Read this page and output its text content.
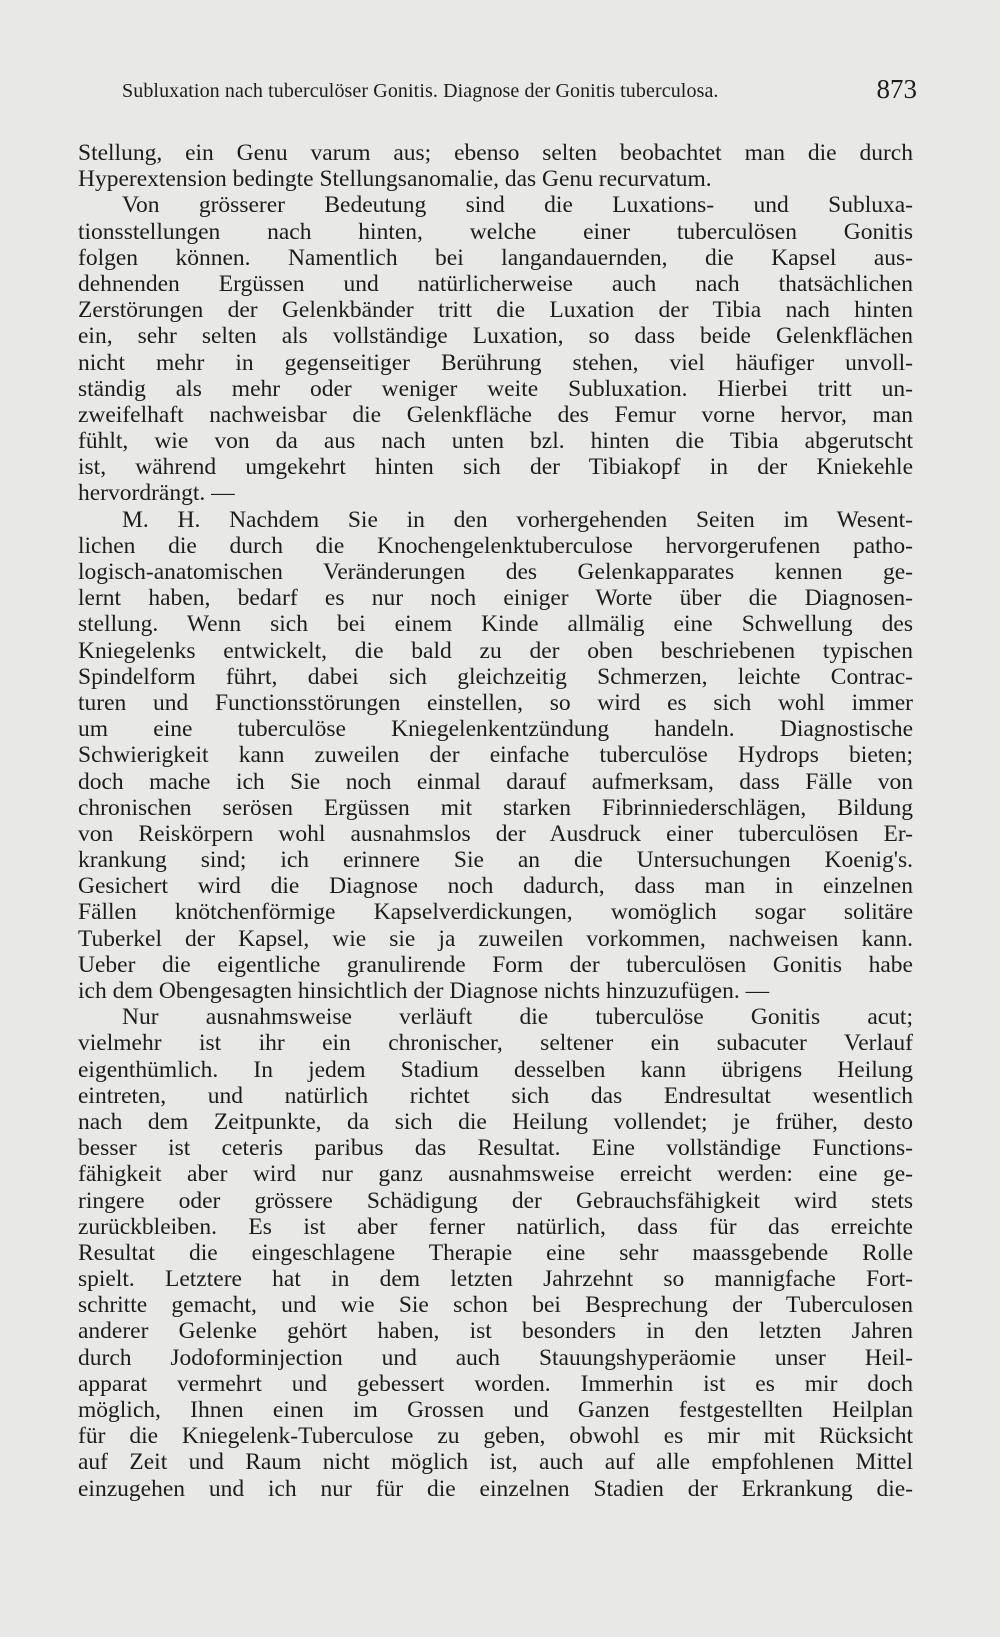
Subluxation nach tuberculöser Gonitis. Diagnose der Gonitis tuberculosa.	873
Stellung, ein Genu varum aus; ebenso selten beobachtet man die durch
Hyperextension bedingte Stellungsanomalie, das Genu recurvatum.
Von grösserer Bedeutung sind die Luxations- und Subluxa-
tionsstellungen nach hinten, welche einer tuberculösen Gonitis
folgen können. Namentlich bei langandauernden, die Kapsel aus-
dehnenden Ergüssen und natürlicherweise auch nach thatsächlichen
Zerstörungen der Gelenkbänder tritt die Luxation der Tibia nach hinten
ein, sehr selten als vollständige Luxation, so dass beide Gelenkflächen
nicht mehr in gegenseitiger Berührung stehen, viel häufiger unvoll-
ständig als mehr oder weniger weite Subluxation. Hierbei tritt un-
zweifelhaft nachweisbar die Gelenkfläche des Femur vorne hervor, man
fühlt, wie von da aus nach unten bzl. hinten die Tibia abgerutscht
ist, während umgekehrt hinten sich der Tibiakopf in der Kniekehle
hervordrängt. —
M. H. Nachdem Sie in den vorhergehenden Seiten im Wesent-
lichen die durch die Knochengelenktuberculose hervorgerufenen patho-
logisch-anatomischen Veränderungen des Gelenkapparates kennen ge-
lernt haben, bedarf es nur noch einiger Worte über die Diagnosen-
stellung. Wenn sich bei einem Kinde allmälig eine Schwellung des
Kniegelenks entwickelt, die bald zu der oben beschriebenen typischen
Spindelform führt, dabei sich gleichzeitig Schmerzen, leichte Contrac-
turen und Functionsstörungen einstellen, so wird es sich wohl immer
um eine tuberculöse Kniegelenkentzündung handeln. Diagnostische
Schwierigkeit kann zuweilen der einfache tuberculöse Hydrops bieten;
doch mache ich Sie noch einmal darauf aufmerksam, dass Fälle von
chronischen serösen Ergüssen mit starken Fibrinniederschlägen, Bildung
von Reiskörpern wohl ausnahmslos der Ausdruck einer tuberculösen Er-
krankung sind; ich erinnere Sie an die Untersuchungen Koenig's.
Gesichert wird die Diagnose noch dadurch, dass man in einzelnen
Fällen knötchenförmige Kapselverdickungen, womöglich sogar solitäre
Tuberkel der Kapsel, wie sie ja zuweilen vorkommen, nachweisen kann.
Ueber die eigentliche granulirende Form der tuberculösen Gonitis habe
ich dem Obengesagten hinsichtlich der Diagnose nichts hinzuzufügen. —
Nur ausnahmsweise verläuft die tuberculöse Gonitis acut;
vielmehr ist ihr ein chronischer, seltener ein subacuter Verlauf
eigenthümlich. In jedem Stadium desselben kann übrigens Heilung
eintreten, und natürlich richtet sich das Endresultat wesentlich
nach dem Zeitpunkte, da sich die Heilung vollendet; je früher, desto
besser ist ceteris paribus das Resultat. Eine vollständige Functions-
fähigkeit aber wird nur ganz ausnahmsweise erreicht werden: eine ge-
ringere oder grössere Schädigung der Gebrauchsfähigkeit wird stets
zurückbleiben. Es ist aber ferner natürlich, dass für das erreichte
Resultat die eingeschlagene Therapie eine sehr maassgebende Rolle
spielt. Letztere hat in dem letzten Jahrzehnt so mannigfache Fort-
schritte gemacht, und wie Sie schon bei Besprechung der Tuberculosen
anderer Gelenke gehört haben, ist besonders in den letzten Jahren
durch Jodoforminjection und auch Stauungshyperäomie unser Heil-
apparat vermehrt und gebessert worden. Immerhin ist es mir doch
möglich, Ihnen einen im Grossen und Ganzen festgestellten Heilplan
für die Kniegelenk-Tuberculose zu geben, obwohl es mir mit Rücksicht
auf Zeit und Raum nicht möglich ist, auch auf alle empfohlenen Mittel
einzugehen und ich nur für die einzelnen Stadien der Erkrankung die-
